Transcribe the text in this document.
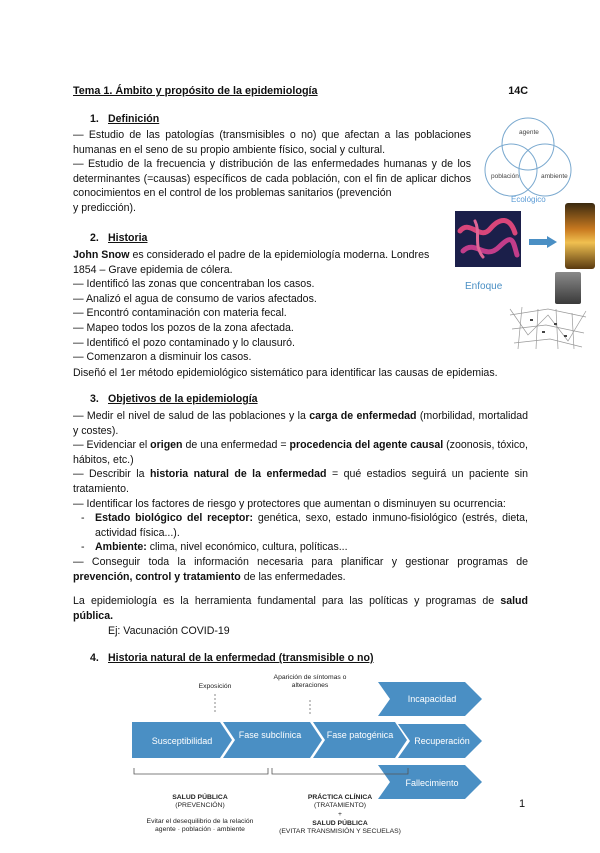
Tema 1. Ámbito y propósito de la epidemiología	14C
1. Definición

— Estudio de las patologías (transmisibles o no) que afectan a las poblaciones humanas en el seno de su propio ambiente físico, social y cultural.

— Estudio de la frecuencia y distribución de las enfermedades humanas y de los determinantes (=causas) específicos de cada población, con el fin de aplicar dichos conocimientos en el control de los problemas sanitarios (prevención

y predicción).

agente
población	ambiente
Ecológico
Enfoque
2. Historia
John Snow es considerado el padre de la epidemiología moderna. Londres
1854 – Grave epidemia de cólera.
— Identificó las zonas que concentraban los casos.
— Analizó el agua de consumo de varios afectados.
— Encontró contaminación con materia fecal.
— Mapeo todos los pozos de la zona afectada.
— Identificó el pozo contaminado y lo clausuró.
— Comenzaron a disminuir los casos.
Diseñó el 1er método epidemiológico sistemático para identificar las causas de epidemias.
3. Objetivos de la epidemiología

— Medir el nivel de salud de las poblaciones y la carga de enfermedad (morbilidad, mortalidad y costes).

— Evidenciar el origen de una enfermedad = procedencia del agente causal (zoonosis, tóxico, hábitos, etc.)

— Describir la historia natural de la enfermedad = qué estadios seguirá un paciente sin tratamiento.

— Identificar los factores de riesgo y protectores que aumentan o disminuyen su ocurrencia:

- Estado biológico del receptor: genética, sexo, estado inmuno-fisiológico (estrés, dieta, actividad física...).
- Ambiente: clima, nivel económico, cultura, políticas...

— Conseguir toda la información necesaria para planificar y gestionar programas de prevención, control y tratamiento de las enfermedades.

La epidemiología es la herramienta fundamental para las políticas y programas de salud pública.
Ej: Vacunación COVID-19
4. Historia natural de la enfermedad (transmisible o no)
Exposición
Aparición de síntomas o alteraciones
Susceptibilidad
Fase subclínica	Fase patogénica
Incapacidad
Recuperación
Fallecimiento
SALUD PÚBLICA
(PREVENCIÓN)
Evitar el desequilibrio de la relación agente · población · ambiente
PRÁCTICA CLÍNICA
(TRATAMIENTO)
+
SALUD PÚBLICA
(EVITAR TRANSMISIÓN Y SECUELAS)
1
